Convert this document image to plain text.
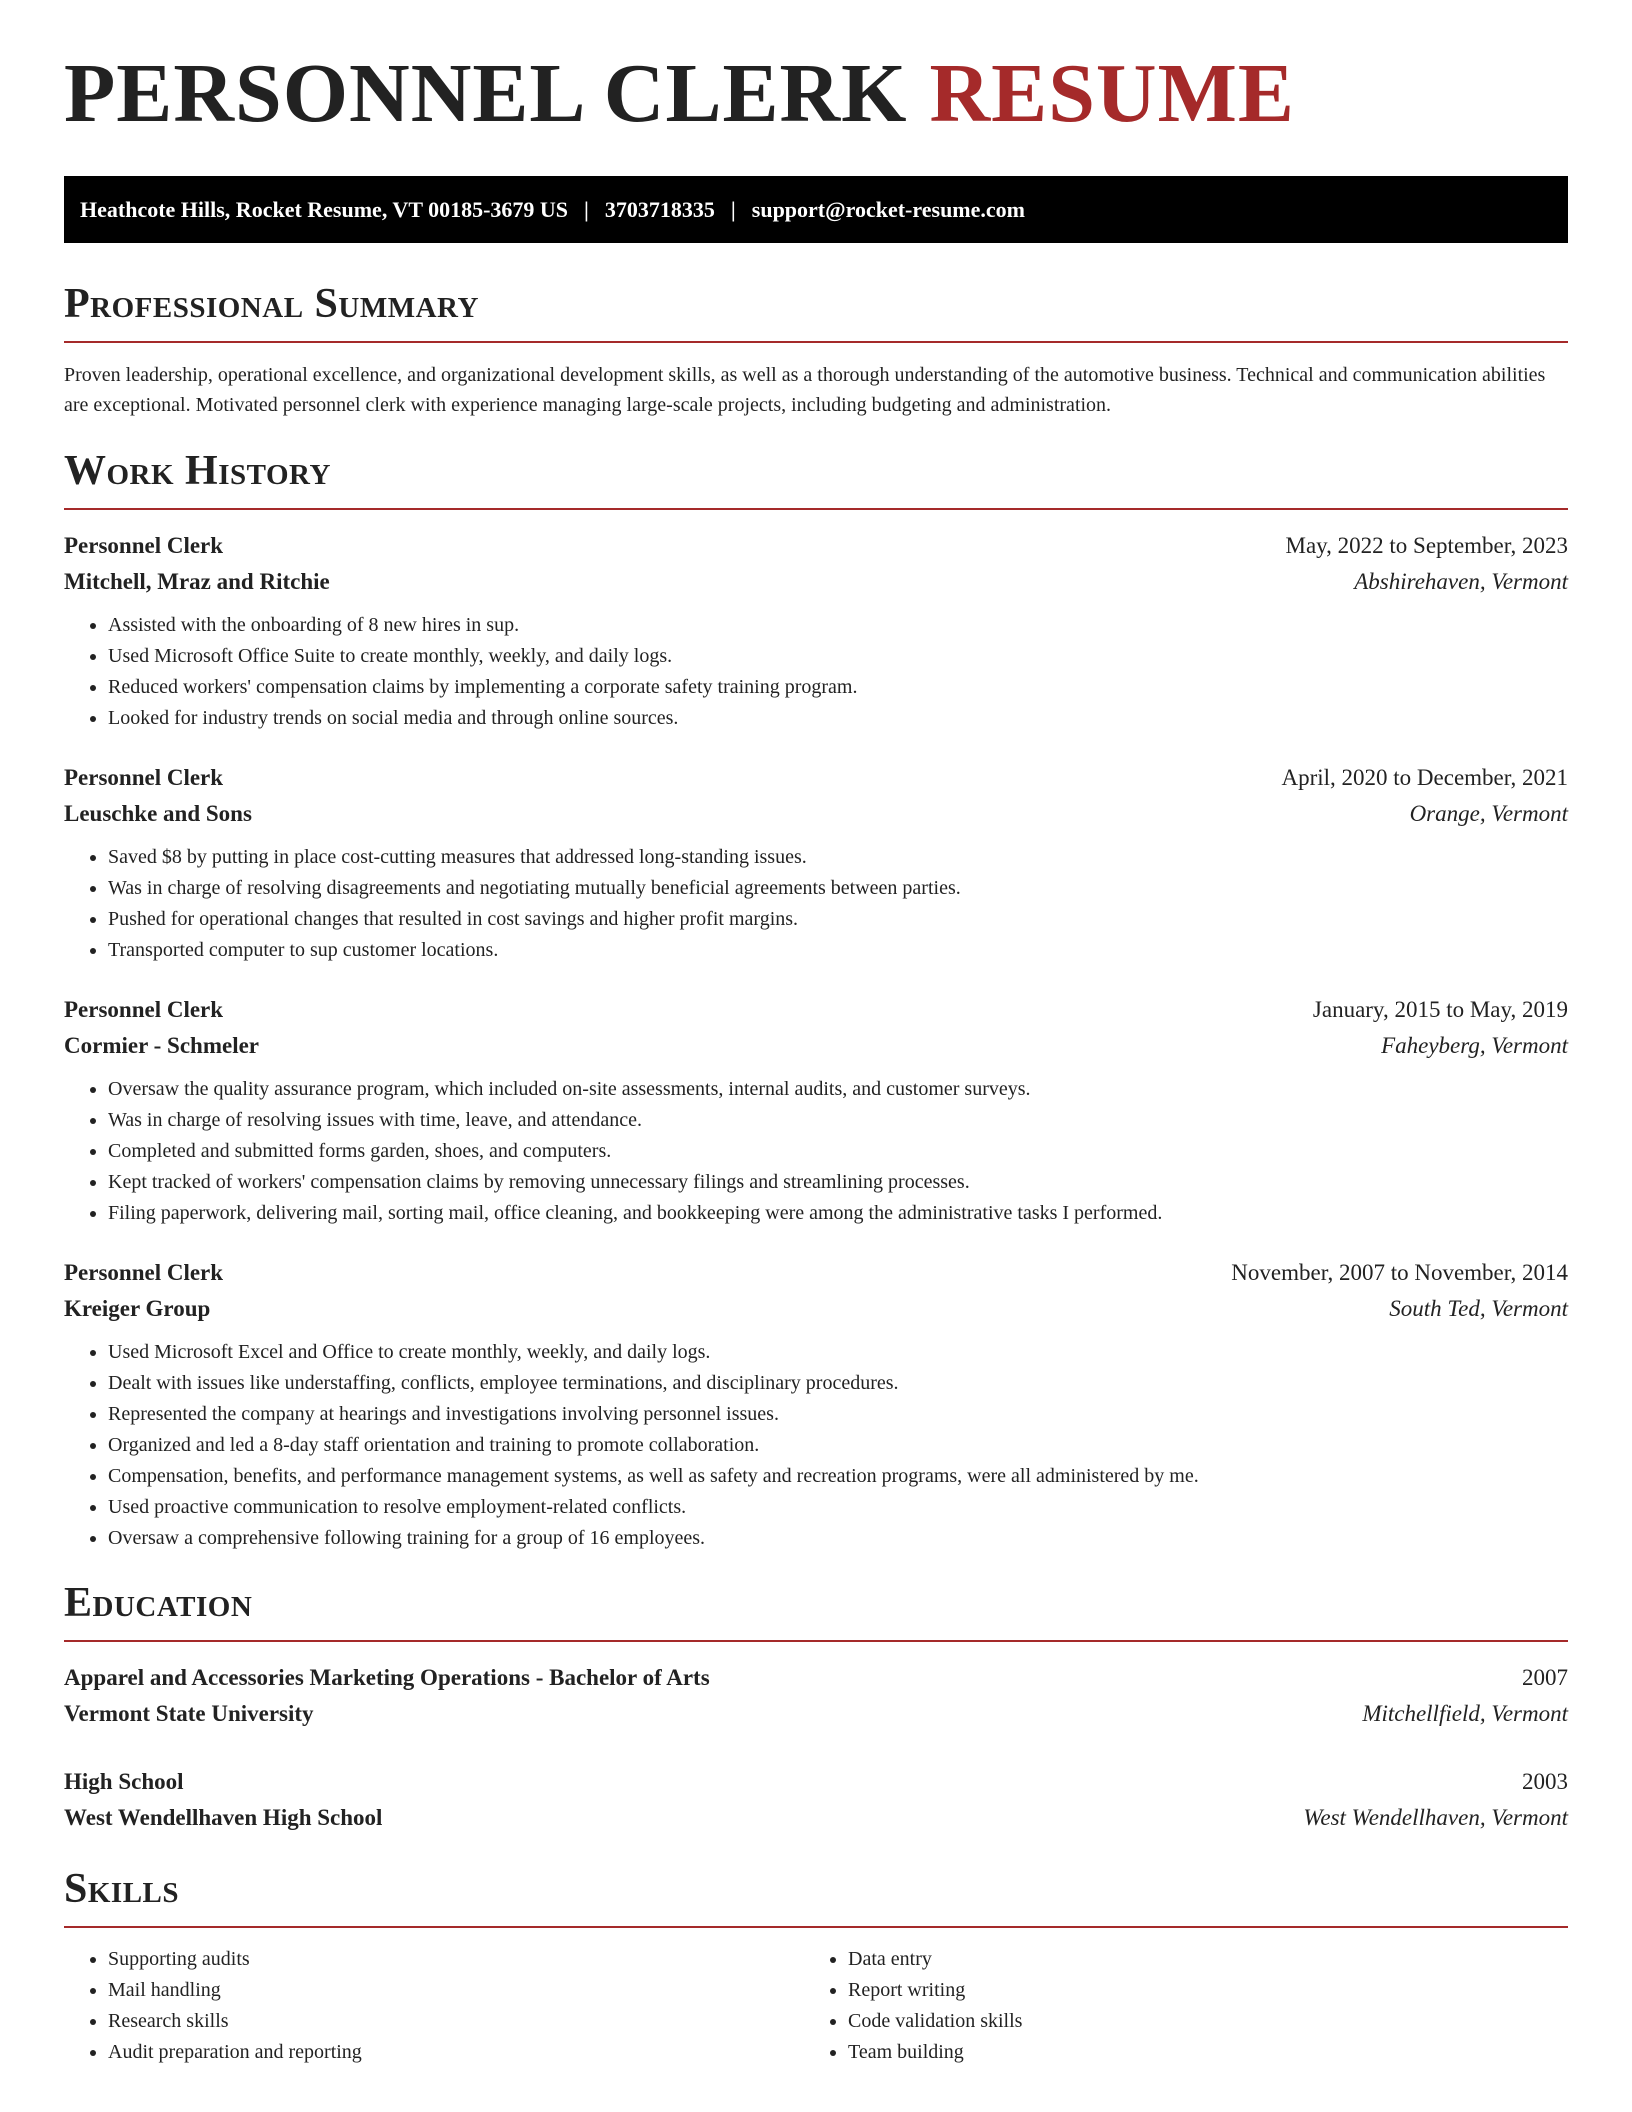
PERSONNEL CLERK RESUME
Heathcote Hills, Rocket Resume, VT 00185-3679 US | 3703718335 | support@rocket-resume.com
Professional Summary
Proven leadership, operational excellence, and organizational development skills, as well as a thorough understanding of the automotive business. Technical and communication abilities are exceptional. Motivated personnel clerk with experience managing large-scale projects, including budgeting and administration.
Work History
Personnel Clerk	May, 2022 to September, 2023
Mitchell, Mraz and Ritchie	Abshirehaven, Vermont
• Assisted with the onboarding of 8 new hires in sup.
• Used Microsoft Office Suite to create monthly, weekly, and daily logs.
• Reduced workers' compensation claims by implementing a corporate safety training program.
• Looked for industry trends on social media and through online sources.
Personnel Clerk	April, 2020 to December, 2021
Leuschke and Sons	Orange, Vermont
• Saved $8 by putting in place cost-cutting measures that addressed long-standing issues.
• Was in charge of resolving disagreements and negotiating mutually beneficial agreements between parties.
• Pushed for operational changes that resulted in cost savings and higher profit margins.
• Transported computer to sup customer locations.
Personnel Clerk	January, 2015 to May, 2019
Cormier - Schmeler	Faheyberg, Vermont
• Oversaw the quality assurance program, which included on-site assessments, internal audits, and customer surveys.
• Was in charge of resolving issues with time, leave, and attendance.
• Completed and submitted forms garden, shoes, and computers.
• Kept tracked of workers' compensation claims by removing unnecessary filings and streamlining processes.
• Filing paperwork, delivering mail, sorting mail, office cleaning, and bookkeeping were among the administrative tasks I performed.
Personnel Clerk	November, 2007 to November, 2014
Kreiger Group	South Ted, Vermont
• Used Microsoft Excel and Office to create monthly, weekly, and daily logs.
• Dealt with issues like understaffing, conflicts, employee terminations, and disciplinary procedures.
• Represented the company at hearings and investigations involving personnel issues.
• Organized and led a 8-day staff orientation and training to promote collaboration.
• Compensation, benefits, and performance management systems, as well as safety and recreation programs, were all administered by me.
• Used proactive communication to resolve employment-related conflicts.
• Oversaw a comprehensive following training for a group of 16 employees.
Education
Apparel and Accessories Marketing Operations - Bachelor of Arts	2007
Vermont State University	Mitchellfield, Vermont
High School	2003
West Wendellhaven High School	West Wendellhaven, Vermont
Skills
• Supporting audits
• Mail handling
• Research skills
• Audit preparation and reporting
• Data entry
• Report writing
• Code validation skills
• Team building
